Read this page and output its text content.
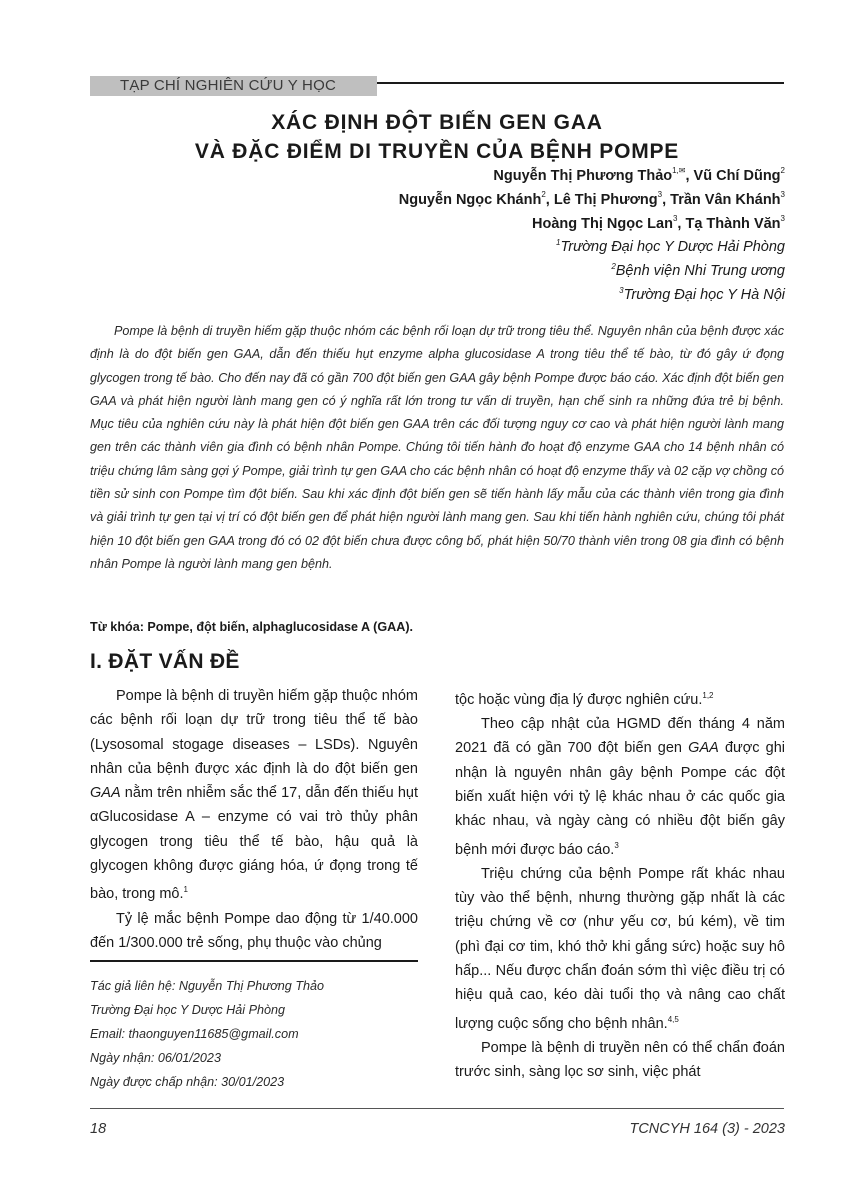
TẠP CHÍ NGHIÊN CỨU Y HỌC
XÁC ĐỊNH ĐỘT BIẾN GEN GAA
VÀ ĐẶC ĐIỂM DI TRUYỀN CỦA BỆNH POMPE
Nguyễn Thị Phương Thảo$^{1,✉}$, Vũ Chí Dũng$^2$
Nguyễn Ngọc Khánh$^2$, Lê Thị Phương$^3$, Trần Vân Khánh$^3$
Hoàng Thị Ngọc Lan$^3$, Tạ Thành Văn$^3$
$^1$Trường Đại học Y Dược Hải Phòng
$^2$Bệnh viện Nhi Trung ương
$^3$Trường Đại học Y Hà Nội
Pompe là bệnh di truyền hiếm gặp thuộc nhóm các bệnh rối loạn dự trữ trong tiêu thể. Nguyên nhân của bệnh được xác định là do đột biến gen GAA, dẫn đến thiếu hụt enzyme alpha glucosidase A trong tiêu thể tế bào, từ đó gây ứ đọng glycogen trong tế bào. Cho đến nay đã có gần 700 đột biến gen GAA gây bệnh Pompe được báo cáo. Xác định đột biến gen GAA và phát hiện người lành mang gen có ý nghĩa rất lớn trong tư vấn di truyền, hạn chế sinh ra những đứa trẻ bị bệnh. Mục tiêu của nghiên cứu này là phát hiện đột biến gen GAA trên các đối tượng nguy cơ cao và phát hiện người lành mang gen trên các thành viên gia đình có bệnh nhân Pompe. Chúng tôi tiến hành đo hoạt độ enzyme GAA cho 14 bệnh nhân có triệu chứng lâm sàng gợi ý Pompe, giải trình tự gen GAA cho các bệnh nhân có hoạt độ enzyme thấy và 02 cặp vợ chồng có tiền sử sinh con Pompe tìm đột biến. Sau khi xác định đột biến gen sẽ tiến hành lấy mẫu của các thành viên trong gia đình và giải trình tự gen tại vị trí có đột biến gen để phát hiện người lành mang gen. Sau khi tiến hành nghiên cứu, chúng tôi phát hiện 10 đột biến gen GAA trong đó có 02 đột biến chưa được công bố, phát hiện 50/70 thành viên trong 08 gia đình có bệnh nhân Pompe là người lành mang gen bệnh.
Từ khóa: Pompe, đột biến, alphaglucosidase A (GAA).
I. ĐẶT VẤN ĐỀ

Pompe là bệnh di truyền hiếm gặp thuộc nhóm các bệnh rối loạn dự trữ trong tiêu thể tế bào (Lysosomal stogage diseases – LSDs). Nguyên nhân của bệnh được xác định là do đột biến gen GAA nằm trên nhiễm sắc thể 17, dẫn đến thiếu hụt αGlucosidase A – enzyme có vai trò thủy phân glycogen trong tiêu thể tế bào, hậu quả là glycogen không được giáng hóa, ứ đọng trong tế bào, trong mô.$^1$

Tỷ lệ mắc bệnh Pompe dao động từ 1/40.000 đến 1/300.000 trẻ sống, phụ thuộc vào chủng

Tác giả liên hệ: Nguyễn Thị Phương Thảo
Trường Đại học Y Dược Hải Phòng
Email: thaonguyen11685@gmail.com
Ngày nhận: 06/01/2023
Ngày được chấp nhận: 30/01/2023

tộc hoặc vùng địa lý được nghiên cứu.$^{1,2}$

Theo cập nhật của HGMD đến tháng 4 năm 2021 đã có gần 700 đột biến gen GAA được ghi nhận là nguyên nhân gây bệnh Pompe các đột biến xuất hiện với tỷ lệ khác nhau ở các quốc gia khác nhau, và ngày càng có nhiều đột biến gây bệnh mới được báo cáo.$^3$

Triệu chứng của bệnh Pompe rất khác nhau tùy vào thể bệnh, nhưng thường gặp nhất là các triệu chứng về cơ (như yếu cơ, bú kém), về tim (phì đại cơ tim, khó thở khi gắng sức) hoặc suy hô hấp... Nếu được chẩn đoán sớm thì việc điều trị có hiệu quả cao, kéo dài tuổi thọ và nâng cao chất lượng cuộc sống cho bệnh nhân.$^{4,5}$

Pompe là bệnh di truyền nên có thể chẩn đoán trước sinh, sàng lọc sơ sinh, việc phát

18	TCNCYH 164 (3) - 2023
